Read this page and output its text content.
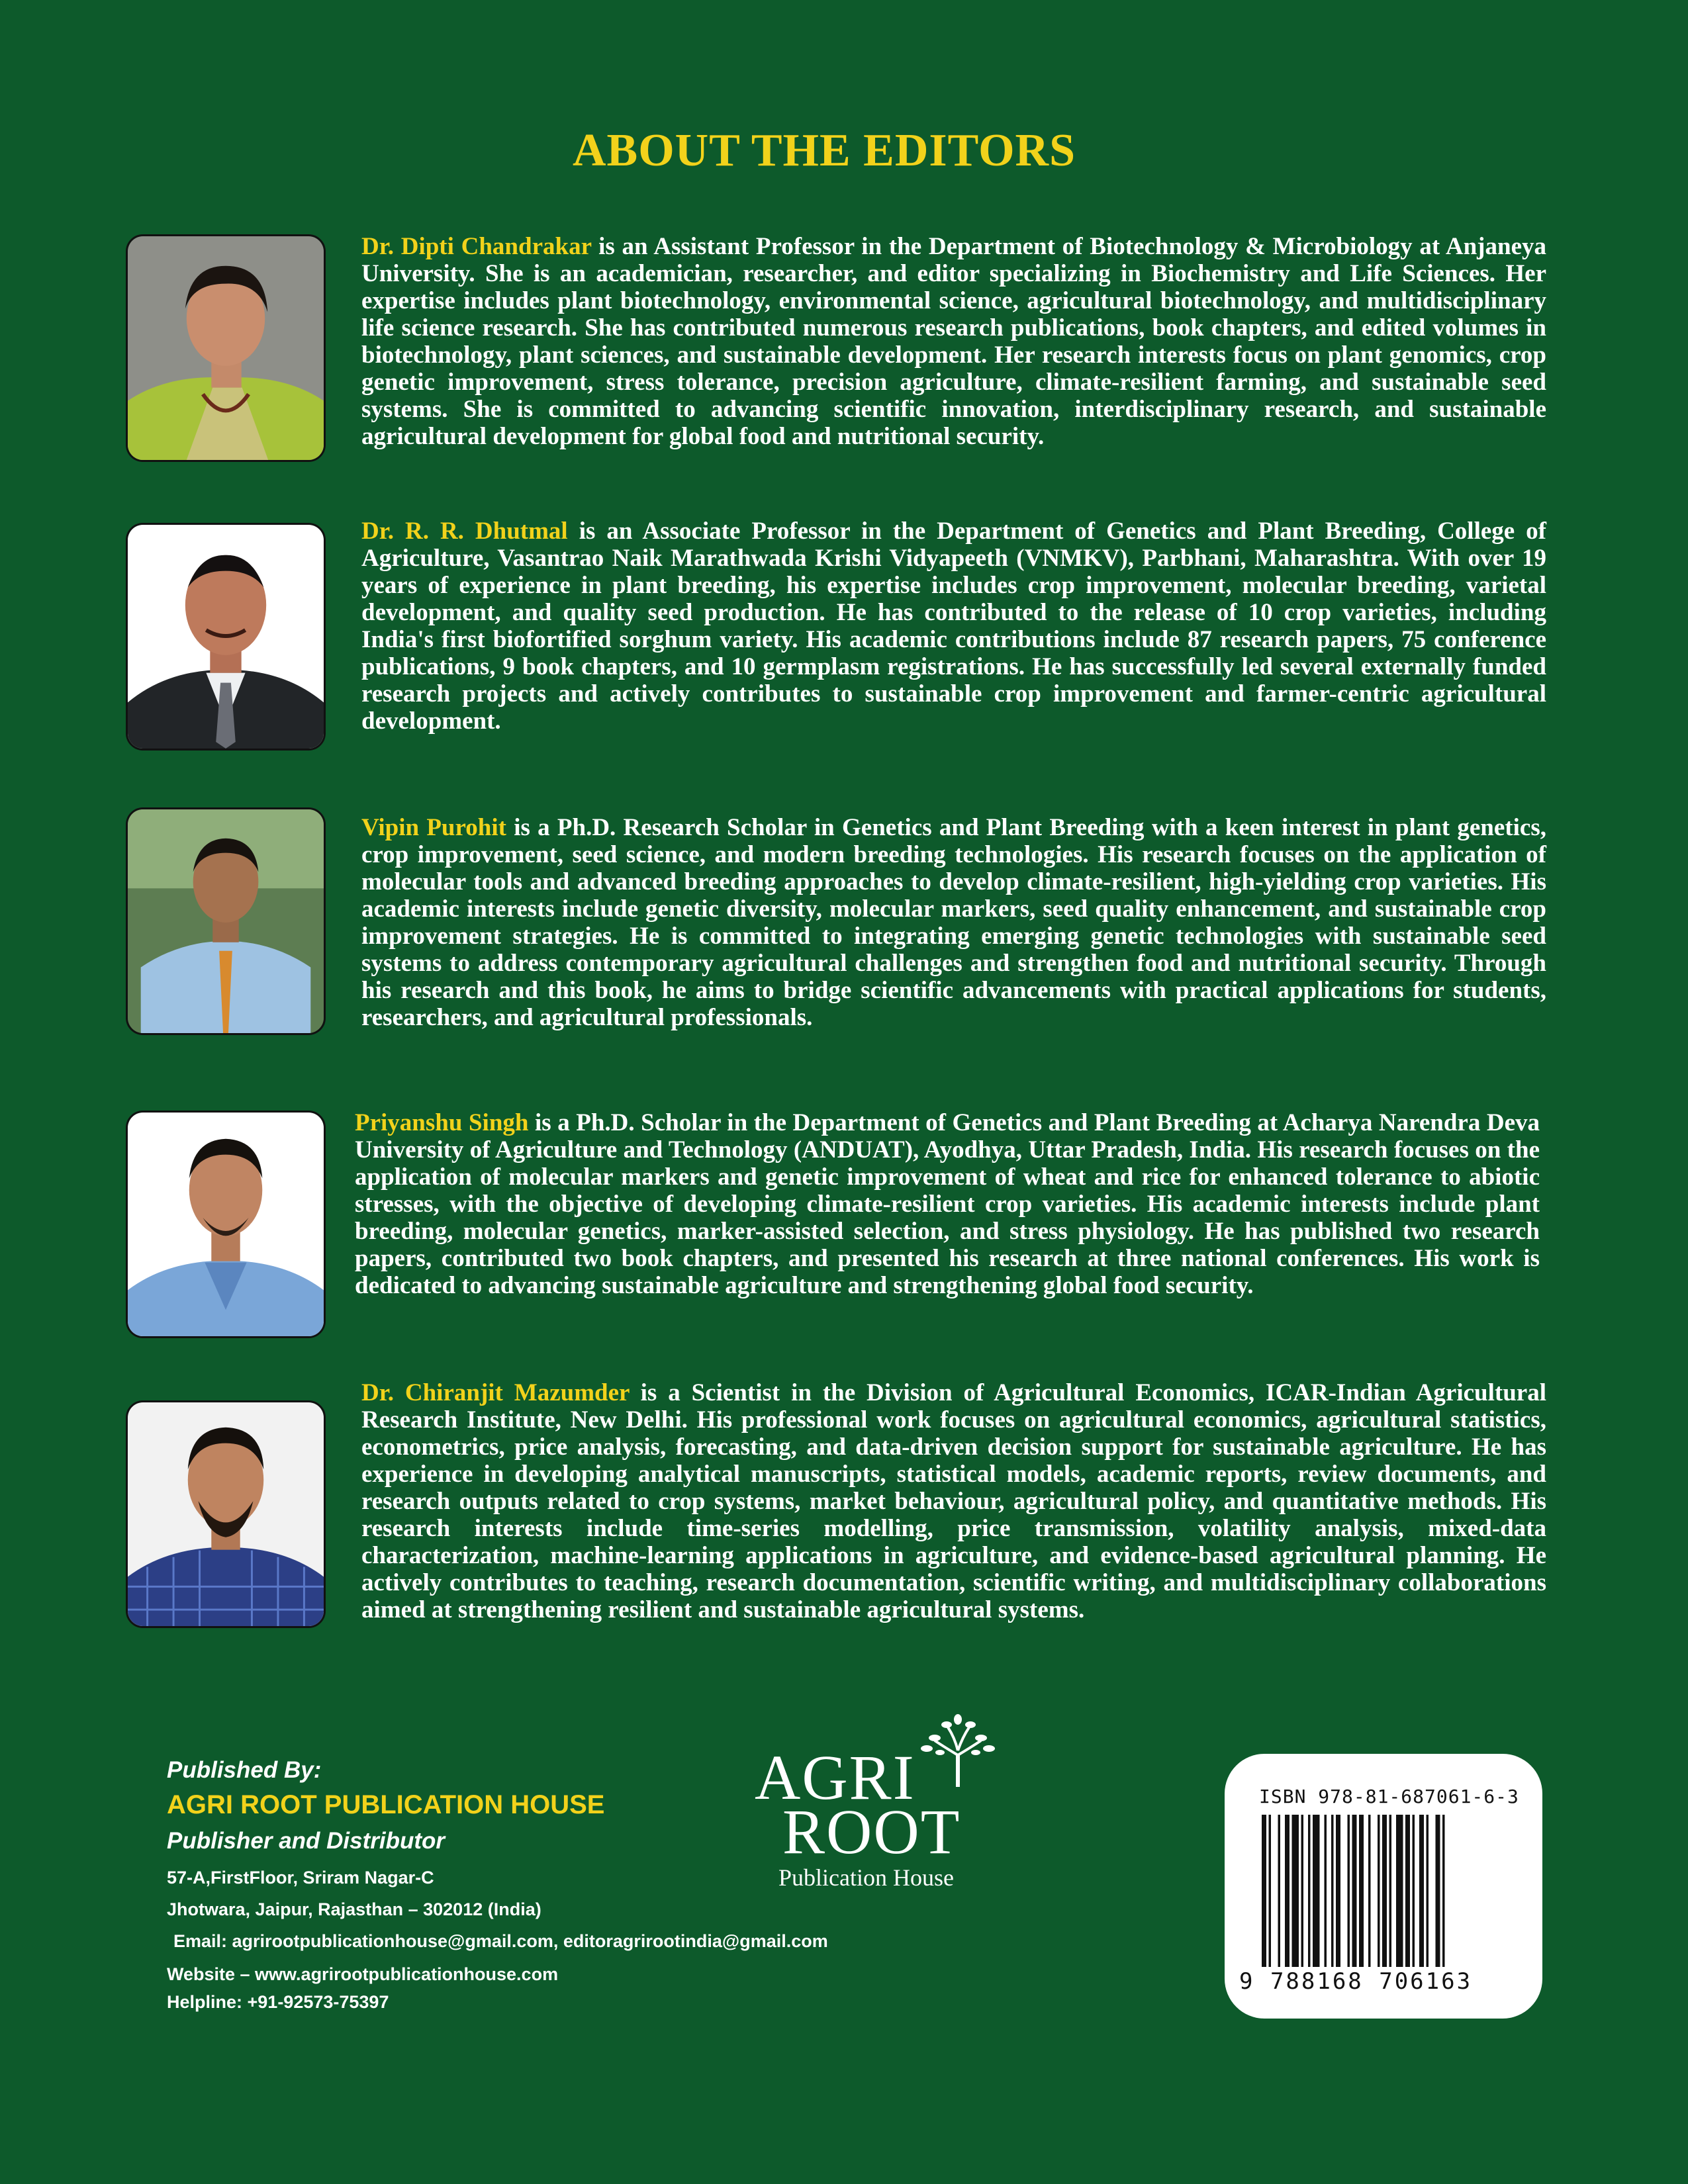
ABOUT THE EDITORS

Dr. Dipti Chandrakar is an Assistant Professor in the Department of Biotechnology & Microbiology at Anjaneya University. She is an academician, researcher, and editor specializing in Biochemistry and Life Sciences. Her expertise includes plant biotechnology, environmental science, agricultural biotechnology, and multidisciplinary life science research. She has contributed numerous research publications, book chapters, and edited volumes in biotechnology, plant sciences, and sustainable development. Her research interests focus on plant genomics, crop genetic improvement, stress tolerance, precision agriculture, climate-resilient farming, and sustainable seed systems. She is committed to advancing scientific innovation, interdisciplinary research, and sustainable agricultural development for global food and nutritional security.

Dr. R. R. Dhutmal is an Associate Professor in the Department of Genetics and Plant Breeding, College of Agriculture, Vasantrao Naik Marathwada Krishi Vidyapeeth (VNMKV), Parbhani, Maharashtra. With over 19 years of experience in plant breeding, his expertise includes crop improvement, molecular breeding, varietal development, and quality seed production. He has contributed to the release of 10 crop varieties, including India's first biofortified sorghum variety. His academic contributions include 87 research papers, 75 conference publications, 9 book chapters, and 10 germplasm registrations. He has successfully led several externally funded research projects and actively contributes to sustainable crop improvement and farmer-centric agricultural development.

Vipin Purohit is a Ph.D. Research Scholar in Genetics and Plant Breeding with a keen interest in plant genetics, crop improvement, seed science, and modern breeding technologies. His research focuses on the application of molecular tools and advanced breeding approaches to develop climate-resilient, high-yielding crop varieties. His academic interests include genetic diversity, molecular markers, seed quality enhancement, and sustainable crop improvement strategies. He is committed to integrating emerging genetic technologies with sustainable seed systems to address contemporary agricultural challenges and strengthen food and nutritional security. Through his research and this book, he aims to bridge scientific advancements with practical applications for students, researchers, and agricultural professionals.

Priyanshu Singh is a Ph.D. Scholar in the Department of Genetics and Plant Breeding at Acharya Narendra Deva University of Agriculture and Technology (ANDUAT), Ayodhya, Uttar Pradesh, India. His research focuses on the application of molecular markers and genetic improvement of wheat and rice for enhanced tolerance to abiotic stresses, with the objective of developing climate-resilient crop varieties. His academic interests include plant breeding, molecular genetics, marker-assisted selection, and stress physiology. He has published two research papers, contributed two book chapters, and presented his research at three national conferences. His work is dedicated to advancing sustainable agriculture and strengthening global food security.

Dr. Chiranjit Mazumder is a Scientist in the Division of Agricultural Economics, ICAR-Indian Agricultural Research Institute, New Delhi. His professional work focuses on agricultural economics, agricultural statistics, econometrics, price analysis, forecasting, and data-driven decision support for sustainable agriculture. He has experience in developing analytical manuscripts, statistical models, academic reports, review documents, and research outputs related to crop systems, market behaviour, agricultural policy, and quantitative methods. His research interests include time-series modelling, price transmission, volatility analysis, mixed-data characterization, machine-learning applications in agriculture, and evidence-based agricultural planning. He actively contributes to teaching, research documentation, scientific writing, and multidisciplinary collaborations aimed at strengthening resilient and sustainable agricultural systems.

Published By:
AGRI ROOT PUBLICATION HOUSE
Publisher and Distributor
57-A,FirstFloor, Sriram Nagar-C
Jhotwara, Jaipur, Rajasthan – 302012 (India)
Email: agrirootpublicationhouse@gmail.com, editoragrirootindia@gmail.com
Website – www.agrirootpublicationhouse.com
Helpline: +91-92573-75397
AGRI
ROOT
Publication House
ISBN 978-81-687061-6-3
9 788168 706163
